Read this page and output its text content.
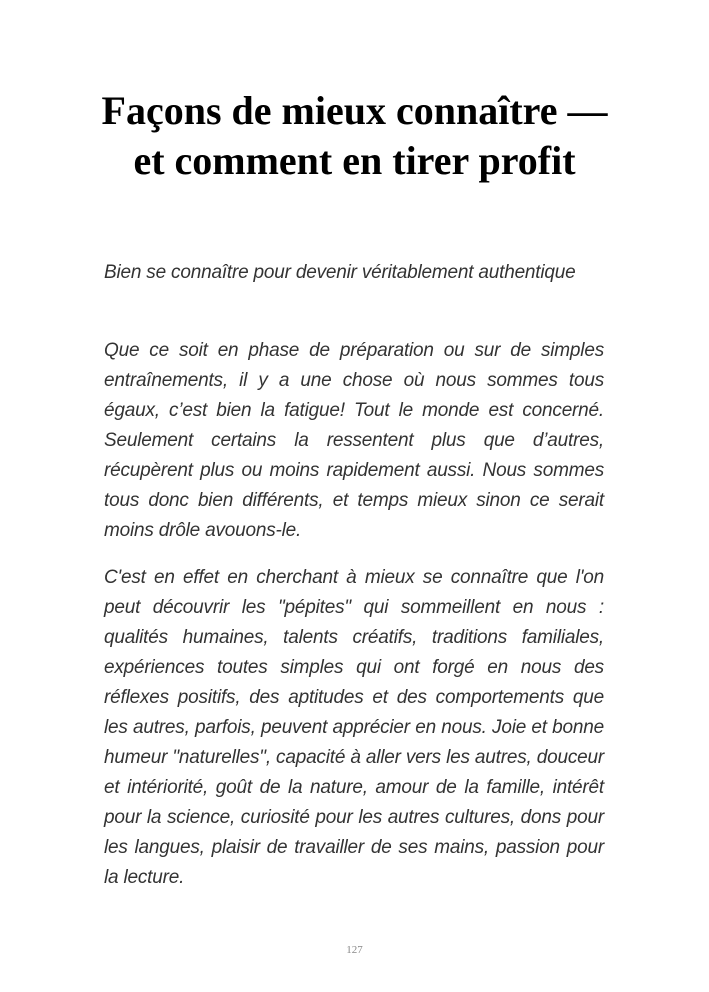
Façons de mieux connaître — et comment en tirer profit

Bien se connaître pour devenir véritablement authentique

Que ce soit en phase de préparation ou sur de simples entraînements, il y a une chose où nous sommes tous égaux, c’est bien la fatigue! Tout le monde est concerné. Seulement certains la ressentent plus que d’autres, récupèrent plus ou moins rapidement aussi. Nous sommes tous donc bien différents, et temps mieux sinon ce serait moins drôle avouons-le.

C'est en effet en cherchant à mieux se connaître que l'on peut découvrir les "pépites" qui sommeillent en nous : qualités humaines, talents créatifs, traditions familiales, expériences toutes simples qui ont forgé en nous des réflexes positifs, des aptitudes et des comportements que les autres, parfois, peuvent apprécier en nous. Joie et bonne humeur "naturelles", capacité à aller vers les autres, douceur et intériorité, goût de la nature, amour de la famille, intérêt pour la science, curiosité pour les autres cultures, dons pour les langues, plaisir de travailler de ses mains, passion pour la lecture.

127
